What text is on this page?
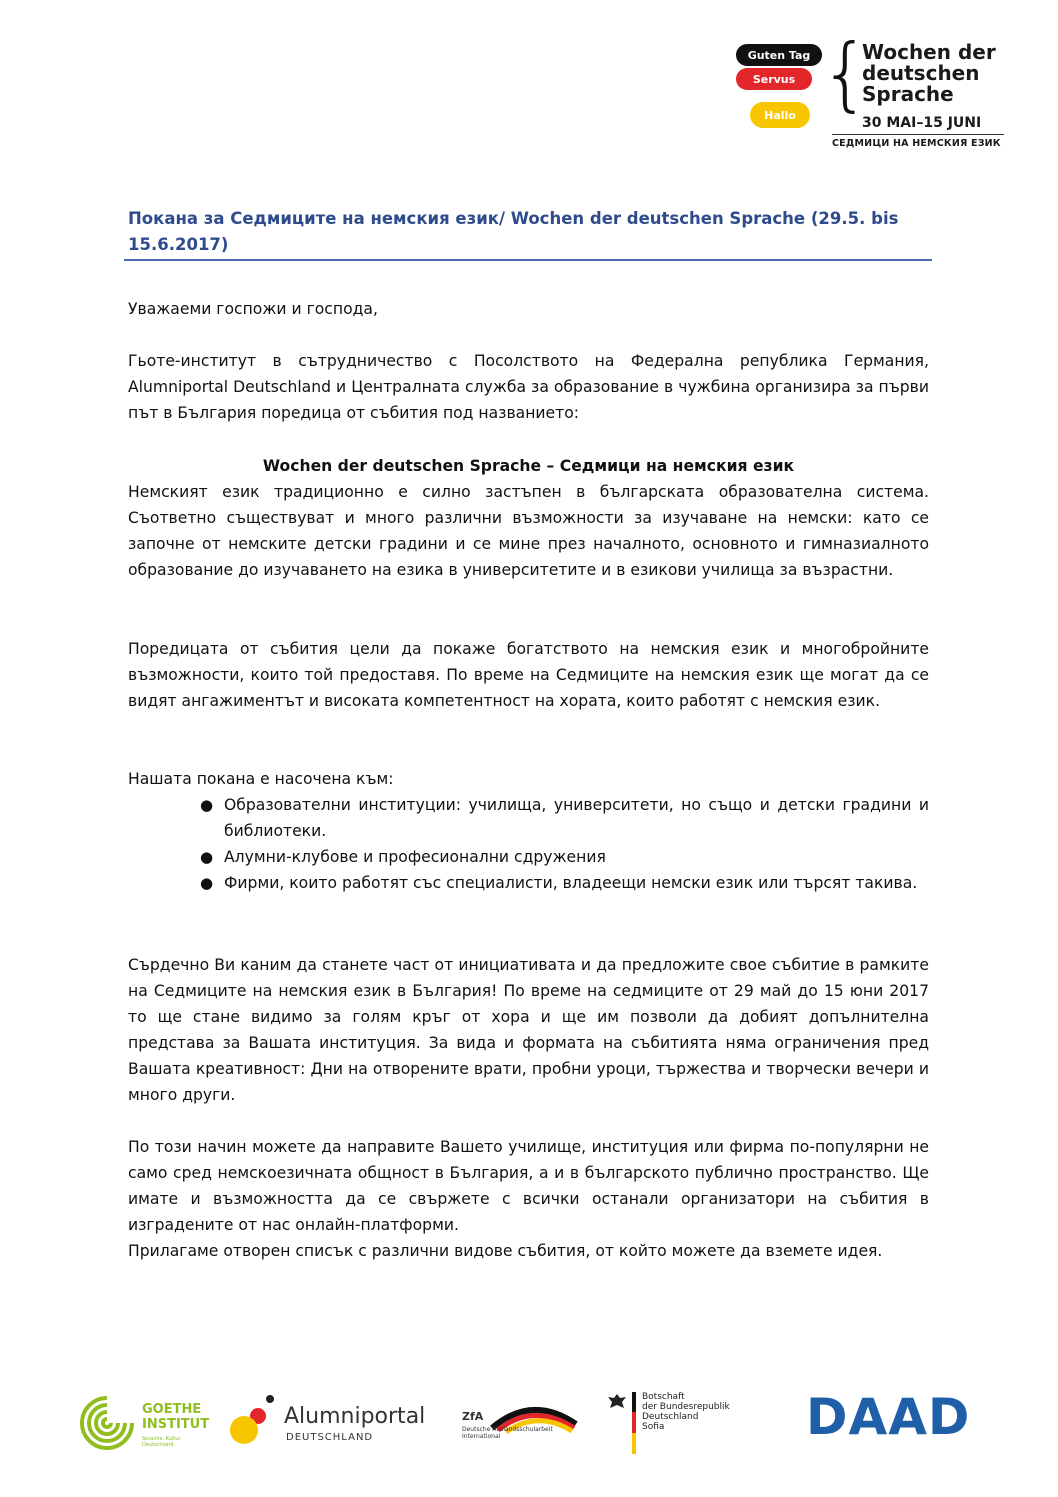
Guten Tag
Servus
Hallo {
Wochen der
deutschen
Sprache
30 MAI–15 JUNI
СЕДМИЦИ НА НЕМСКИЯ ЕЗИК
Покана за Седмиците на немския език/ Wochen der deutschen Sprache (29.5. bis 15.6.2017)
Уважаеми госпожи и господа,
Гьоте-институт в сътрудничество с Посолството на Федерална република Германия, Alumniportal Deutschland и Централната служба за образование в чужбина организира за първи път в България поредица от събития под названието:
Wochen der deutschen Sprache – Седмици на немския език
Немският език традиционно е силно застъпен в българската образователна система. Съответно съществуват и много различни възможности за изучаване на немски: като се започне от немските детски градини и се мине през началното, основното и гимназиалното образование до изучаването на езика в университетите и в езикови училища за възрастни.
Поредицата от събития цели да покаже богатството на немския език и многобройните възможности, които той предоставя. По време на Седмиците на немския език ще могат да се видят ангажиментът и високата компетентност на хората, които работят с немския език.
Нашата покана е насочена към:
● Образователни институции: училища, университети, но също и детски градини и библиотеки.
● Алумни-клубове и професионални сдружения
● Фирми, които работят със специалисти, владеещи немски език или търсят такива.
Сърдечно Ви каним да станете част от инициативата и да предложите свое събитие в рамките на Седмиците на немския език в България! По време на седмиците от 29 май до 15 юни 2017 то ще стане видимо за голям кръг от хора и ще им позволи да добият допълнителна представа за Вашата институция. За вида и формата на събитията няма ограничения пред Вашата креативност: Дни на отворените врати, пробни уроци, тържества и творчески вечери и много други.
По този начин можете да направите Вашето училище, институция или фирма по-популярни не само сред немскоезичната общност в България, а и в българското публично пространство. Ще имате и възможността да се свържете с всички останали организатори на събития в изградените от нас онлайн-платформи.
Прилагаме отворен списък с различни видове събития, от който можете да вземете идея.
GOETHE
INSTITUT
Sprache. Kultur. Deutschland.
Alumniportal
DEUTSCHLAND
ZfA
Deutsche Auslandsschularbeit
International
Botschaft
der Bundesrepublik Deutschland
Sofia	DAAD
